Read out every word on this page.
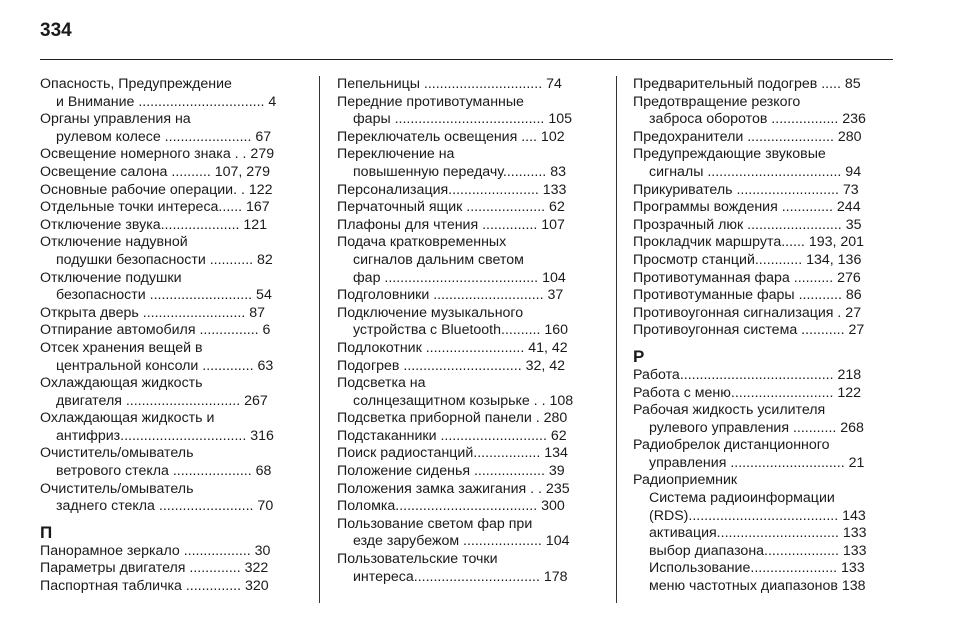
334
Опасность, Предупреждение
и Внимание ................................ 4
Органы управления на
рулевом колесе ...................... 67
Освещение номерного знака . . 279
Освещение салона .......... 107, 279
Основные рабочие операции. . 122
Отдельные точки интереса...... 167
Отключение звука.................... 121
Отключение надувной
подушки безопасности ........... 82
Отключение подушки
безопасности .......................... 54
Открыта дверь .......................... 87
Отпирание автомобиля ............... 6
Отсек хранения вещей в
центральной консоли ............. 63
Охлаждающая жидкость
двигателя ............................. 267
Охлаждающая жидкость и
антифриз................................ 316
Очиститель/омыватель
ветрового стекла .................... 68
Очиститель/омыватель
заднего стекла ........................ 70
П
Панорамное зеркало ................. 30
Параметры двигателя ............. 322
Паспортная табличка .............. 320
Пепельницы .............................. 74
Передние противотуманные
фары ...................................... 105
Переключатель освещения .... 102
Переключение на
повышенную передачу........... 83
Персонализация....................... 133
Перчаточный ящик .................... 62
Плафоны для чтения .............. 107
Подача кратковременных
сигналов дальним светом
фар ....................................... 104
Подголовники ............................ 37
Подключение музыкального
устройства с Bluetooth.......... 160
Подлокотник ......................... 41, 42
Подогрев .............................. 32, 42
Подсветка на
солнцезащитном козырьке . . 108
Подсветка приборной панели . 280
Подстаканники ........................... 62
Поиск радиостанций................. 134
Положение сиденья .................. 39
Положения замка зажигания . . 235
Поломка.................................... 300
Пользование светом фар при
езде зарубежом .................... 104
Пользовательские точки
интереса................................ 178
Предварительный подогрев ..... 85
Предотвращение резкого
заброса оборотов ................. 236
Предохранители ...................... 280
Предупреждающие звуковые
сигналы .................................. 94
Прикуриватель .......................... 73
Программы вождения ............. 244
Прозрачный люк ........................ 35
Прокладчик маршрута...... 193, 201
Просмотр станций............ 134, 136
Противотуманная фара .......... 276
Противотуманные фары ........... 86
Противоугонная сигнализация . 27
Противоугонная система ........... 27
Р
Работа....................................... 218
Работа с меню.......................... 122
Рабочая жидкость усилителя
рулевого управления ........... 268
Радиобрелок дистанционного
управления ............................. 21
Радиоприемник
Система радиоинформации
(RDS)...................................... 143
активация............................... 133
выбор диапазона................... 133
Использование...................... 133
меню частотных диапазонов 138
